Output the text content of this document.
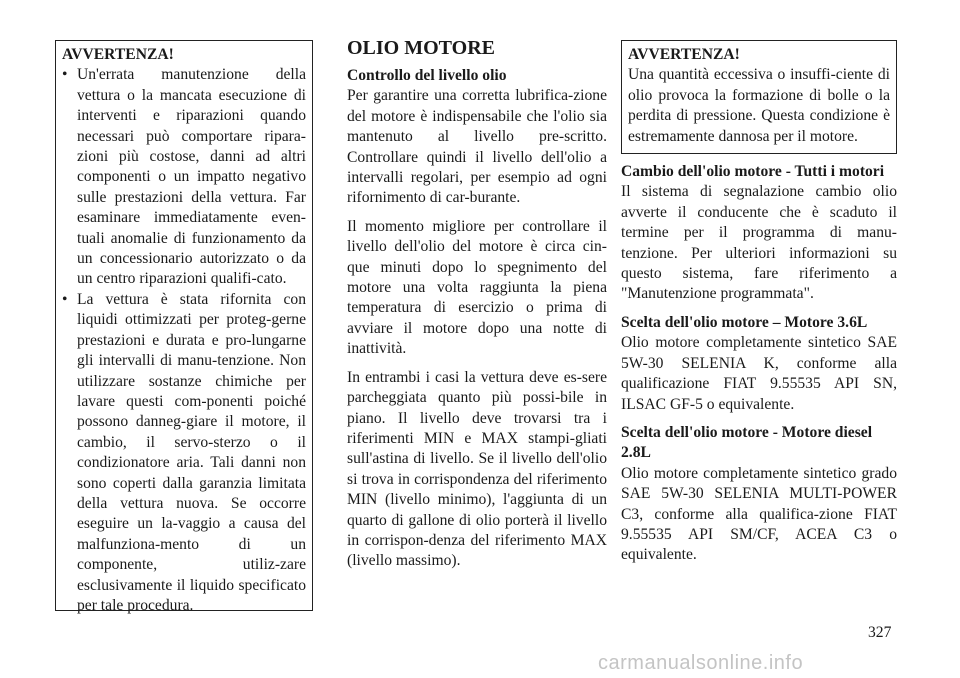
AVVERTENZA!
• Un'errata manutenzione della vettura o la mancata esecuzione di interventi e riparazioni quando necessari può comportare ripara-zioni più costose, danni ad altri componenti o un impatto negativo sulle prestazioni della vettura. Far esaminare immediatamente even-tuali anomalie di funzionamento da un concessionario autorizzato o da un centro riparazioni qualifi-cato.
• La vettura è stata rifornita con liquidi ottimizzati per proteg-gerne prestazioni e durata e pro-lungarne gli intervalli di manu-tenzione. Non utilizzare sostanze chimiche per lavare questi com-ponenti poiché possono danneg-giare il motore, il cambio, il servo-sterzo o il condizionatore aria. Tali danni non sono coperti dalla garanzia limitata della vettura nuova. Se occorre eseguire un la-vaggio a causa del malfunziona-mento di un componente, utiliz-zare esclusivamente il liquido specificato per tale procedura.
OLIO MOTORE
Controllo del livello olio

Per garantire una corretta lubrifica-zione del motore è indispensabile che l'olio sia mantenuto al livello pre-scritto. Controllare quindi il livello dell'olio a intervalli regolari, per esempio ad ogni rifornimento di car-burante.

Il momento migliore per controllare il livello dell'olio del motore è circa cin-que minuti dopo lo spegnimento del motore una volta raggiunta la piena temperatura di esercizio o prima di avviare il motore dopo una notte di inattività.

In entrambi i casi la vettura deve es-sere parcheggiata quanto più possi-bile in piano. Il livello deve trovarsi tra i riferimenti MIN e MAX stampi-gliati sull'astina di livello. Se il livello dell'olio si trova in corrispondenza del riferimento MIN (livello minimo), l'aggiunta di un quarto di gallone di olio porterà il livello in corrispon-denza del riferimento MAX (livello massimo).

AVVERTENZA!
Una quantità eccessiva o insuffi-ciente di olio provoca la formazione di bolle o la perdita di pressione. Questa condizione è estremamente dannosa per il motore.
Cambio dell'olio motore - Tutti i motori

Il sistema di segnalazione cambio olio avverte il conducente che è scaduto il termine per il programma di manu-tenzione. Per ulteriori informazioni su questo sistema, fare riferimento a "Manutenzione programmata".

Scelta dell'olio motore – Motore 3.6L

Olio motore completamente sintetico SAE 5W-30 SELENIA K, conforme alla qualificazione FIAT 9.55535 API SN, ILSAC GF-5 o equivalente.

Scelta dell'olio motore - Motore diesel 2.8L

Olio motore completamente sintetico grado SAE 5W-30 SELENIA MULTI-POWER C3, conforme alla qualifica-zione FIAT 9.55535 API SM/CF, ACEA C3 o equivalente.

327
carmanualsonline.info
